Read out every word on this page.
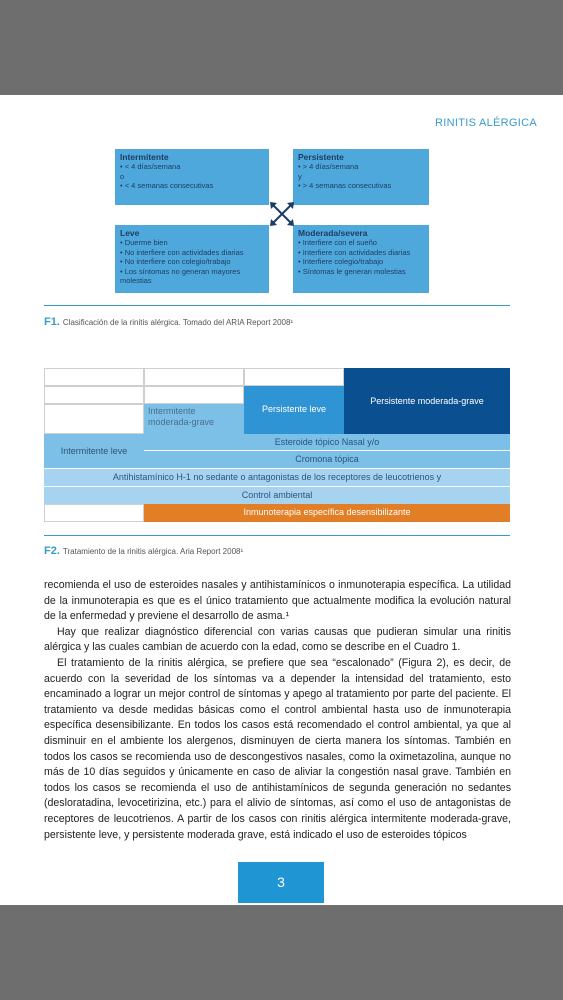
RINITIS ALÉRGICA
Intermitente
• < 4 días/semana
o
• < 4 semanas consecutivas
Persistente
• > 4 días/semana
y
• > 4 semanas consecutivas
Leve
• Duerme bien
• No interfiere con actividades diarias
• No interfiere con colegio/trabajo
• Los síntomas no generan mayores molestias
Moderada/severa
• Interfiere con el sueño
• Interfiere con actividades diarias
• Interfiere colegio/trabajo
• Síntomas le generan molestias
F1. Clasificación de la rinitis alérgica. Tomado del ARIA Report 2008¹
Persistente moderada-grave
Persistente leve
Intermitente moderada-grave
Intermitente leve
Esteroide tópico Nasal y/o
Cromona tópica
Antihistamínico H-1 no sedante o antagonistas de los receptores de leucotrienos y
Control ambiental
Inmunoterapia específica desensibilizante
F2. Tratamiento de la rinitis alérgica. Aria Report 2008¹

recomienda el uso de esteroides nasales y antihistamínicos o inmunoterapia específica. La utilidad de la inmunoterapia es que es el único tratamiento que actualmente modifica la evolución natural de la enfermedad y previene el desarrollo de asma.¹

Hay que realizar diagnóstico diferencial con varias causas que pudieran simular una rinitis alérgica y las cuales cambian de acuerdo con la edad, como se describe en el Cuadro 1.

El tratamiento de la rinitis alérgica, se prefiere que sea “escalonado” (Figura 2), es decir, de acuerdo con la severidad de los síntomas va a depender la intensidad del tratamiento, esto encaminado a lograr un mejor control de síntomas y apego al tratamiento por parte del paciente. El tratamiento va desde medidas básicas como el control ambiental hasta uso de inmunoterapia específica desensibilizante. En todos los casos está recomendado el control ambiental, ya que al disminuir en el ambiente los alergenos, disminuyen de cierta manera los síntomas. También en todos los casos se recomienda uso de descongestivos nasales, como la oximetazolina, aunque no más de 10 días seguidos y únicamente en caso de aliviar la congestión nasal grave. También en todos los casos se recomienda el uso de antihistamínicos de segunda generación no sedantes (desloratadina, levocetirizina, etc.) para el alivio de síntomas, así como el uso de antagonistas de receptores de leucotrienos. A partir de los casos con rinitis alérgica intermitente moderada-grave, persistente leve, y persistente moderada grave, está indicado el uso de esteroides tópicos

3
